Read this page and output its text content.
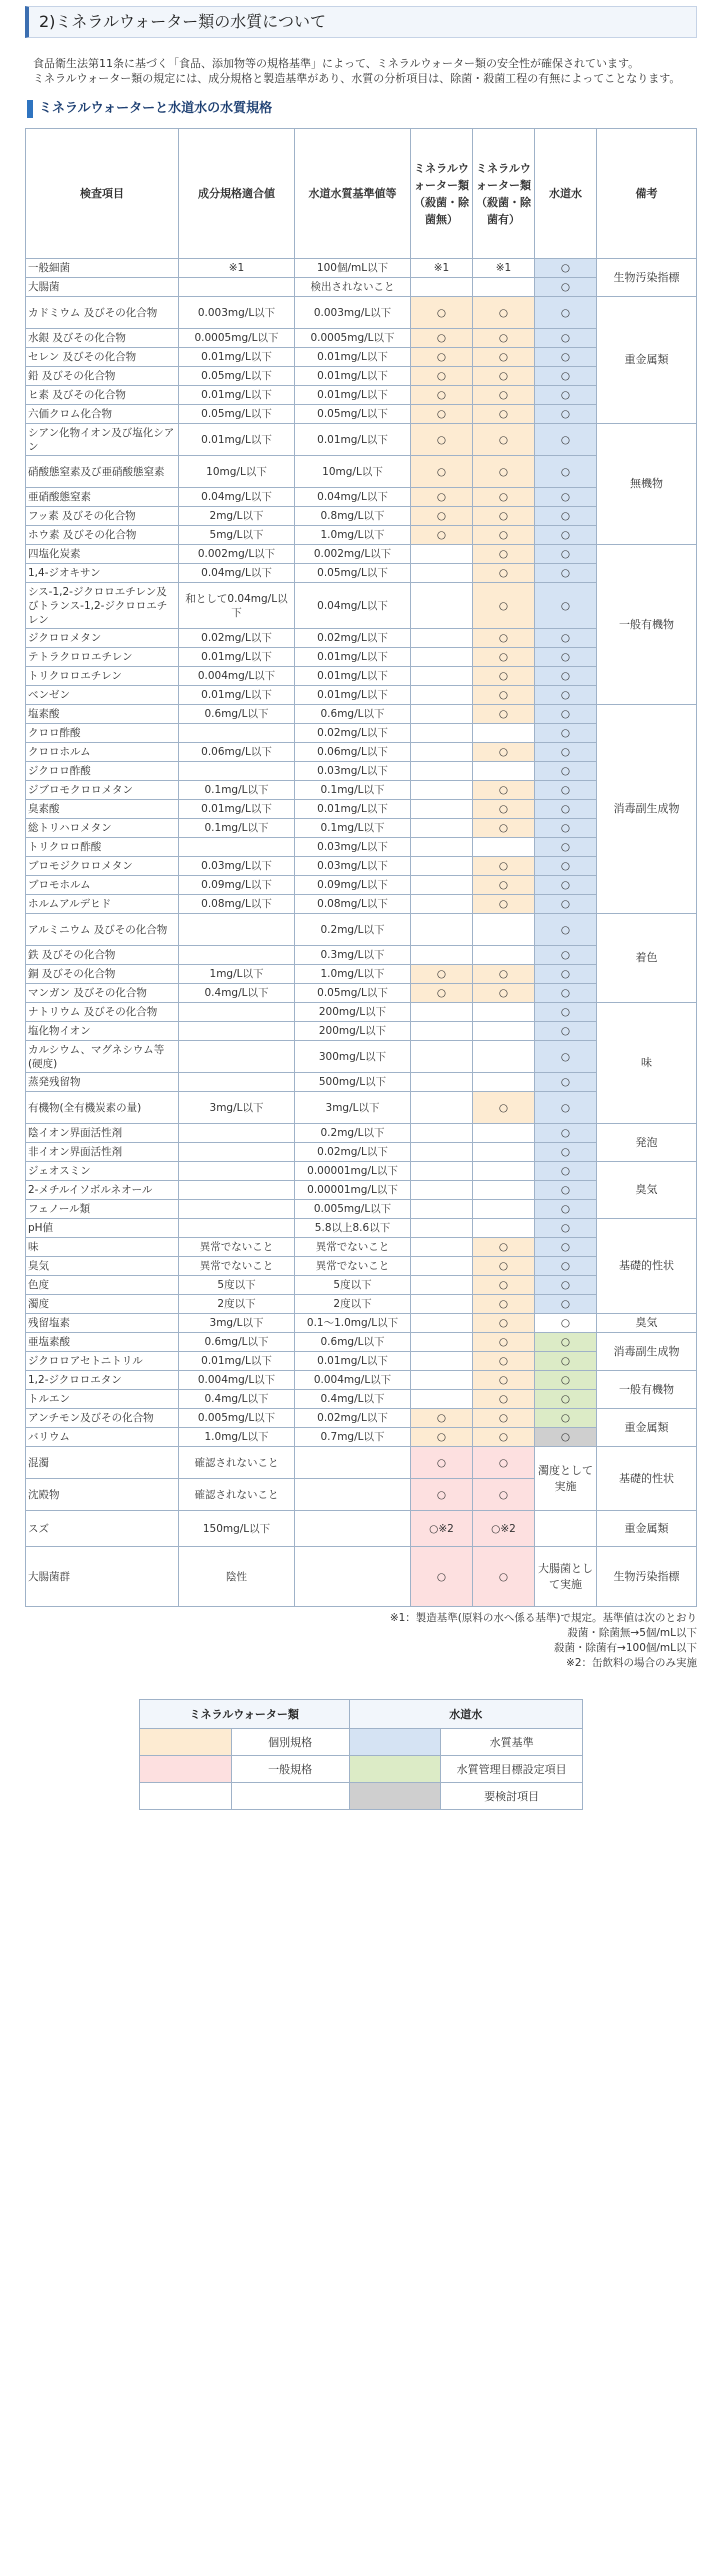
2)ミネラルウォーター類の水質について

食品衛生法第11条に基づく「食品、添加物等の規格基準」によって、ミネラルウォーター類の安全性が確保されています。

ミネラルウォーター類の規定には、成分規格と製造基準があり、水質の分析項目は、除菌・殺菌工程の有無によってことなります。

ミネラルウォーターと水道水の水質規格
検査項目	成分規格適合値	水道水質基準値等	ミネラルウォーター類（殺菌・除菌無）	ミネラルウォーター類（殺菌・除菌有）	水道水	備考
一般細菌	※1	100個/mL以下	※1	※1	○	生物汚染指標
大腸菌		検出されないこと			○	
カドミウム 及びその化合物	0.003mg/L以下	0.003mg/L以下	○	○	○	重金属類
水銀 及びその化合物	0.0005mg/L以下	0.0005mg/L以下	○	○	○	
セレン 及びその化合物	0.01mg/L以下	0.01mg/L以下	○	○	○	
鉛 及びその化合物	0.05mg/L以下	0.01mg/L以下	○	○	○	
ヒ素 及びその化合物	0.01mg/L以下	0.01mg/L以下	○	○	○	
六価クロム化合物	0.05mg/L以下	0.05mg/L以下	○	○	○	
シアン化物イオン及び塩化シアン	0.01mg/L以下	0.01mg/L以下	○	○	○	無機物
硝酸態窒素及び亜硝酸態窒素	10mg/L以下	10mg/L以下	○	○	○	
亜硝酸態窒素	0.04mg/L以下	0.04mg/L以下	○	○	○	
フッ素 及びその化合物	2mg/L以下	0.8mg/L以下	○	○	○	
ホウ素 及びその化合物	5mg/L以下	1.0mg/L以下	○	○	○	
四塩化炭素	0.002mg/L以下	0.002mg/L以下		○	○	一般有機物
1,4-ジオキサン	0.04mg/L以下	0.05mg/L以下		○	○	
シス-1,2-ジクロロエチレン及びトランス-1,2-ジクロロエチレン	和として0.04mg/L以下	0.04mg/L以下		○	○	
ジクロロメタン	0.02mg/L以下	0.02mg/L以下		○	○	
テトラクロロエチレン	0.01mg/L以下	0.01mg/L以下		○	○	
トリクロロエチレン	0.004mg/L以下	0.01mg/L以下		○	○	
ベンゼン	0.01mg/L以下	0.01mg/L以下		○	○	
塩素酸	0.6mg/L以下	0.6mg/L以下		○	○	消毒副生成物
クロロ酢酸		0.02mg/L以下			○	
クロロホルム	0.06mg/L以下	0.06mg/L以下		○	○	
ジクロロ酢酸		0.03mg/L以下			○	
ジブロモクロロメタン	0.1mg/L以下	0.1mg/L以下		○	○	
臭素酸	0.01mg/L以下	0.01mg/L以下		○	○	
総トリハロメタン	0.1mg/L以下	0.1mg/L以下		○	○	
トリクロロ酢酸		0.03mg/L以下			○	
ブロモジクロロメタン	0.03mg/L以下	0.03mg/L以下		○	○	
ブロモホルム	0.09mg/L以下	0.09mg/L以下		○	○	
ホルムアルデヒド	0.08mg/L以下	0.08mg/L以下		○	○	
アルミニウム 及びその化合物		0.2mg/L以下			○	着色
鉄 及びその化合物		0.3mg/L以下			○	
銅 及びその化合物	1mg/L以下	1.0mg/L以下	○	○	○	
マンガン 及びその化合物	0.4mg/L以下	0.05mg/L以下	○	○	○	
ナトリウム 及びその化合物		200mg/L以下			○	味
塩化物イオン		200mg/L以下			○	
カルシウム、マグネシウム等(硬度)		300mg/L以下			○	
蒸発残留物		500mg/L以下			○	
有機物(全有機炭素の量)	3mg/L以下	3mg/L以下		○	○	
陰イオン界面活性剤		0.2mg/L以下			○	発泡
非イオン界面活性剤		0.02mg/L以下			○	
ジェオスミン		0.00001mg/L以下			○	臭気
2-メチルイソボルネオール		0.00001mg/L以下			○	
フェノール類		0.005mg/L以下			○	
pH値		5.8以上8.6以下			○	基礎的性状
味	異常でないこと	異常でないこと		○	○	
臭気	異常でないこと	異常でないこと		○	○	
色度	5度以下	5度以下		○	○	
濁度	2度以下	2度以下		○	○	
残留塩素	3mg/L以下	0.1～1.0mg/L以下		○	○	臭気
亜塩素酸	0.6mg/L以下	0.6mg/L以下		○	○	消毒副生成物
ジクロロアセトニトリル	0.01mg/L以下	0.01mg/L以下		○	○	
1,2-ジクロロエタン	0.004mg/L以下	0.004mg/L以下		○	○	一般有機物
トルエン	0.4mg/L以下	0.4mg/L以下		○	○	
アンチモン及びその化合物	0.005mg/L以下	0.02mg/L以下	○	○	○	重金属類
バリウム	1.0mg/L以下	0.7mg/L以下	○	○	○	
混濁	確認されないこと		○	○	濁度として実施	基礎的性状
沈殿物	確認されないこと		○	○		
スズ	150mg/L以下		○※2	○※2		重金属類
大腸菌群	陰性		○	○	大腸菌として実施	生物汚染指標
※1：製造基準(原料の水へ係る基準)で規定。基準値は次のとおり
殺菌・除菌無→5個/mL以下
殺菌・除菌有→100個/mL以下
※2：缶飲料の場合のみ実施
ミネラルウォーター類		水道水	
	個別規格		水質基準
	一般規格		水質管理目標設定項目
			要検討項目
